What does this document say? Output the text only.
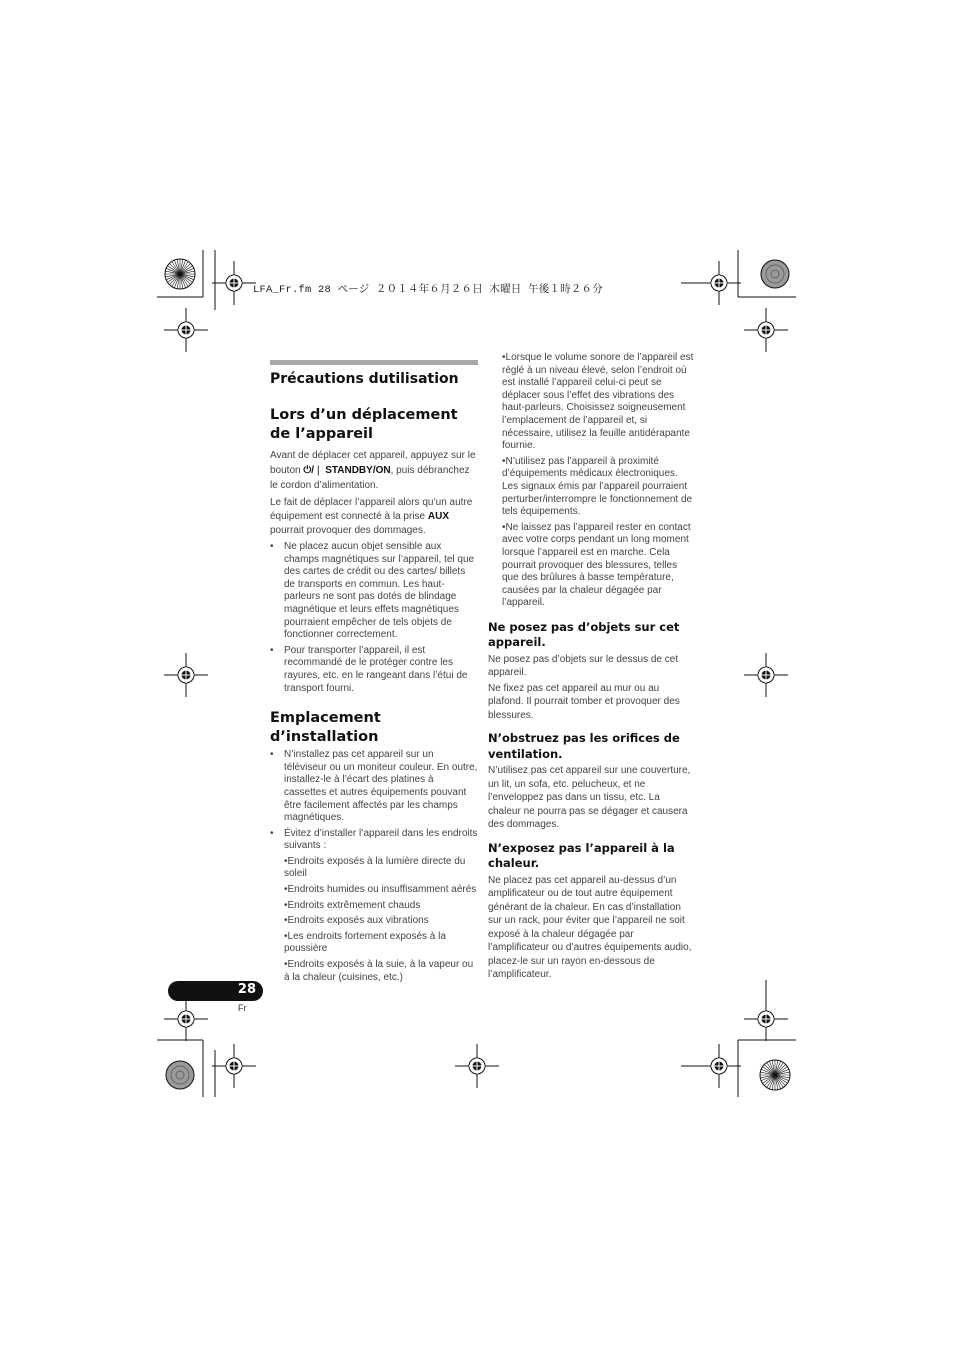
LFA_Fr.fm 28 ページ ２０１４年６月２６日 木曜日 午後１時２６分
Précautions dutilisation
Lors d’un déplacement de l’appareil

Avant de déplacer cet appareil, appuyez sur le bouton ⏻/❘ STANDBY/ON, puis débranchez le cordon d’alimentation.

Le fait de déplacer l’appareil alors qu’un autre équipement est connecté à la prise AUX pourrait provoquer des dommages.

• Ne placez aucun objet sensible aux champs magnétiques sur l’appareil, tel que des cartes de crédit ou des cartes/ billets de transports en commun. Les haut-parleurs ne sont pas dotés de blindage magnétique et leurs effets magnétiques pourraient empêcher de tels objets de fonctionner correctement.

• Pour transporter l’appareil, il est recommandé de le protéger contre les rayures, etc. en le rangeant dans l’étui de transport fourni.

Emplacement d’installation

• N’installez pas cet appareil sur un téléviseur ou un moniteur couleur. En outre, installez-le à l’écart des platines à cassettes et autres équipements pouvant être facilement affectés par les champs magnétiques.

• Évitez d’installer l’appareil dans les endroits suivants :

•Endroits exposés à la lumière directe du soleil

•Endroits humides ou insuffisamment aérés

•Endroits extrêmement chauds

•Endroits exposés aux vibrations

•Les endroits fortement exposés à la poussière

•Endroits exposés à la suie, à la vapeur ou à la chaleur (cuisines, etc.)

•Lorsque le volume sonore de l’appareil est réglé à un niveau élevé, selon l’endroit où est installé l’appareil celui-ci peut se déplacer sous l’effet des vibrations des haut-parleurs. Choisissez soigneusement l’emplacement de l’appareil et, si nécessaire, utilisez la feuille antidérapante fournie.

•N’utilisez pas l’appareil à proximité d’équipements médicaux électroniques. Les signaux émis par l’appareil pourraient perturber/interrompre le fonctionnement de tels équipements.

•Ne laissez pas l’appareil rester en contact avec votre corps pendant un long moment lorsque l’appareil est en marche. Cela pourrait provoquer des blessures, telles que des brûlures à basse température, causées par la chaleur dégagée par l’appareil.

Ne posez pas d’objets sur cet appareil.

Ne posez pas d’objets sur le dessus de cet appareil.

Ne fixez pas cet appareil au mur ou au plafond. Il pourrait tomber et provoquer des blessures.

N’obstruez pas les orifices de ventilation.

N’utilisez pas cet appareil sur une couverture, un lit, un sofa, etc. pelucheux, et ne l’enveloppez pas dans un tissu, etc. La chaleur ne pourra pas se dégager et causera des dommages.

N’exposez pas l’appareil à la chaleur.

Ne placez pas cet appareil au-dessus d’un amplificateur ou de tout autre équipement générant de la chaleur. En cas d’installation sur un rack, pour éviter que l’appareil ne soit exposé à la chaleur dégagée par l’amplificateur ou d’autres équipements audio, placez-le sur un rayon en-dessous de l’amplificateur.

28
Fr
